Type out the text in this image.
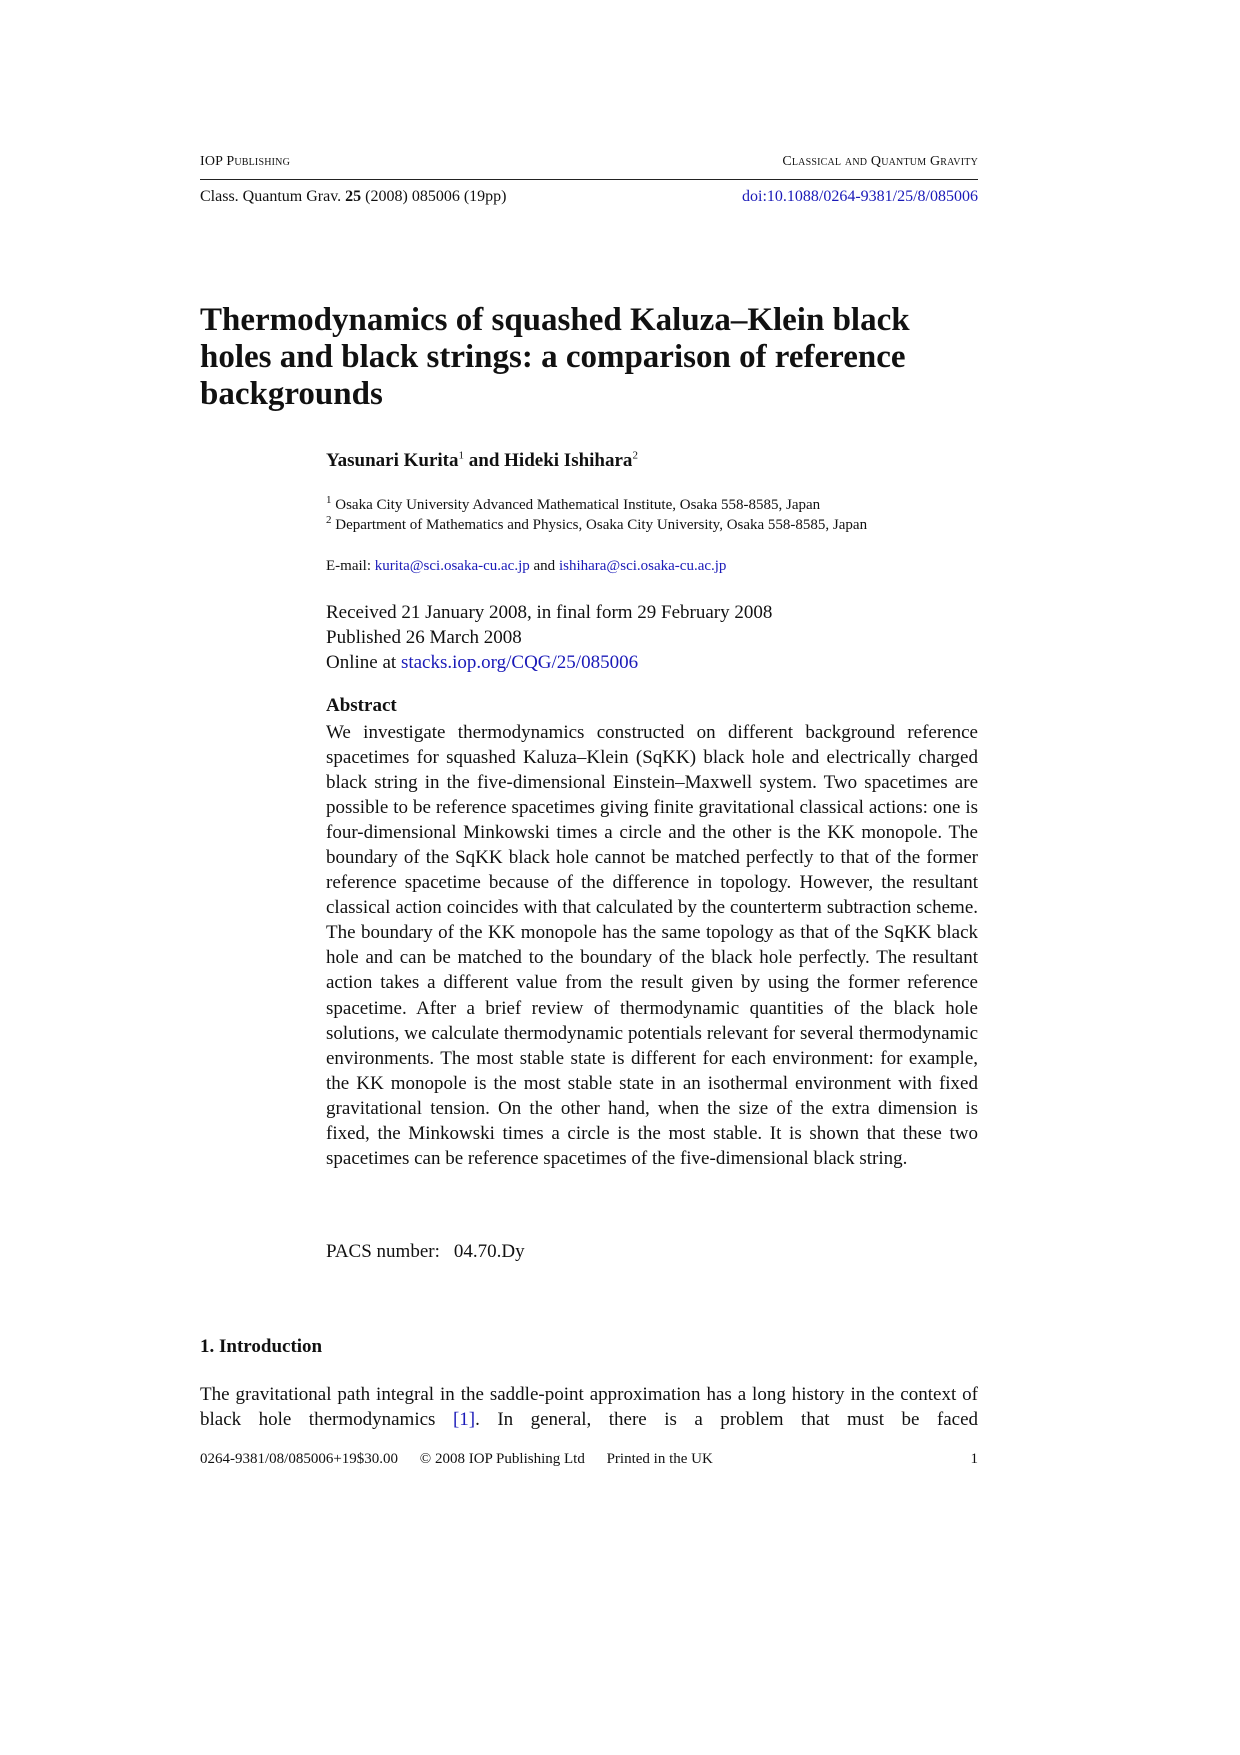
IOP Publishing	Classical and Quantum Gravity
Class. Quantum Grav. 25 (2008) 085006 (19pp)	doi:10.1088/0264-9381/25/8/085006
Thermodynamics of squashed Kaluza–Klein black holes and black strings: a comparison of reference backgrounds
Yasunari Kurita$^1$ and Hideki Ishihara$^2$
$^1$ Osaka City University Advanced Mathematical Institute, Osaka 558-8585, Japan
$^2$ Department of Mathematics and Physics, Osaka City University, Osaka 558-8585, Japan
E-mail: kurita@sci.osaka-cu.ac.jp and ishihara@sci.osaka-cu.ac.jp
Received 21 January 2008, in final form 29 February 2008
Published 26 March 2008
Online at stacks.iop.org/CQG/25/085006
Abstract

We investigate thermodynamics constructed on different background reference spacetimes for squashed Kaluza–Klein (SqKK) black hole and electrically charged black string in the five-dimensional Einstein–Maxwell system. Two spacetimes are possible to be reference spacetimes giving finite gravitational classical actions: one is four-dimensional Minkowski times a circle and the other is the KK monopole. The boundary of the SqKK black hole cannot be matched perfectly to that of the former reference spacetime because of the difference in topology. However, the resultant classical action coincides with that calculated by the counterterm subtraction scheme. The boundary of the KK monopole has the same topology as that of the SqKK black hole and can be matched to the boundary of the black hole perfectly. The resultant action takes a different value from the result given by using the former reference spacetime. After a brief review of thermodynamic quantities of the black hole solutions, we calculate thermodynamic potentials relevant for several thermodynamic environments. The most stable state is different for each environment: for example, the KK monopole is the most stable state in an isothermal environment with fixed gravitational tension. On the other hand, when the size of the extra dimension is fixed, the Minkowski times a circle is the most stable. It is shown that these two spacetimes can be reference spacetimes of the five-dimensional black string.

PACS number: 04.70.Dy
1. Introduction

The gravitational path integral in the saddle-point approximation has a long history in the context of black hole thermodynamics [1]. In general, there is a problem that must be faced

0264-9381/08/085006+19$30.00 © 2008 IOP Publishing Ltd Printed in the UK	1
